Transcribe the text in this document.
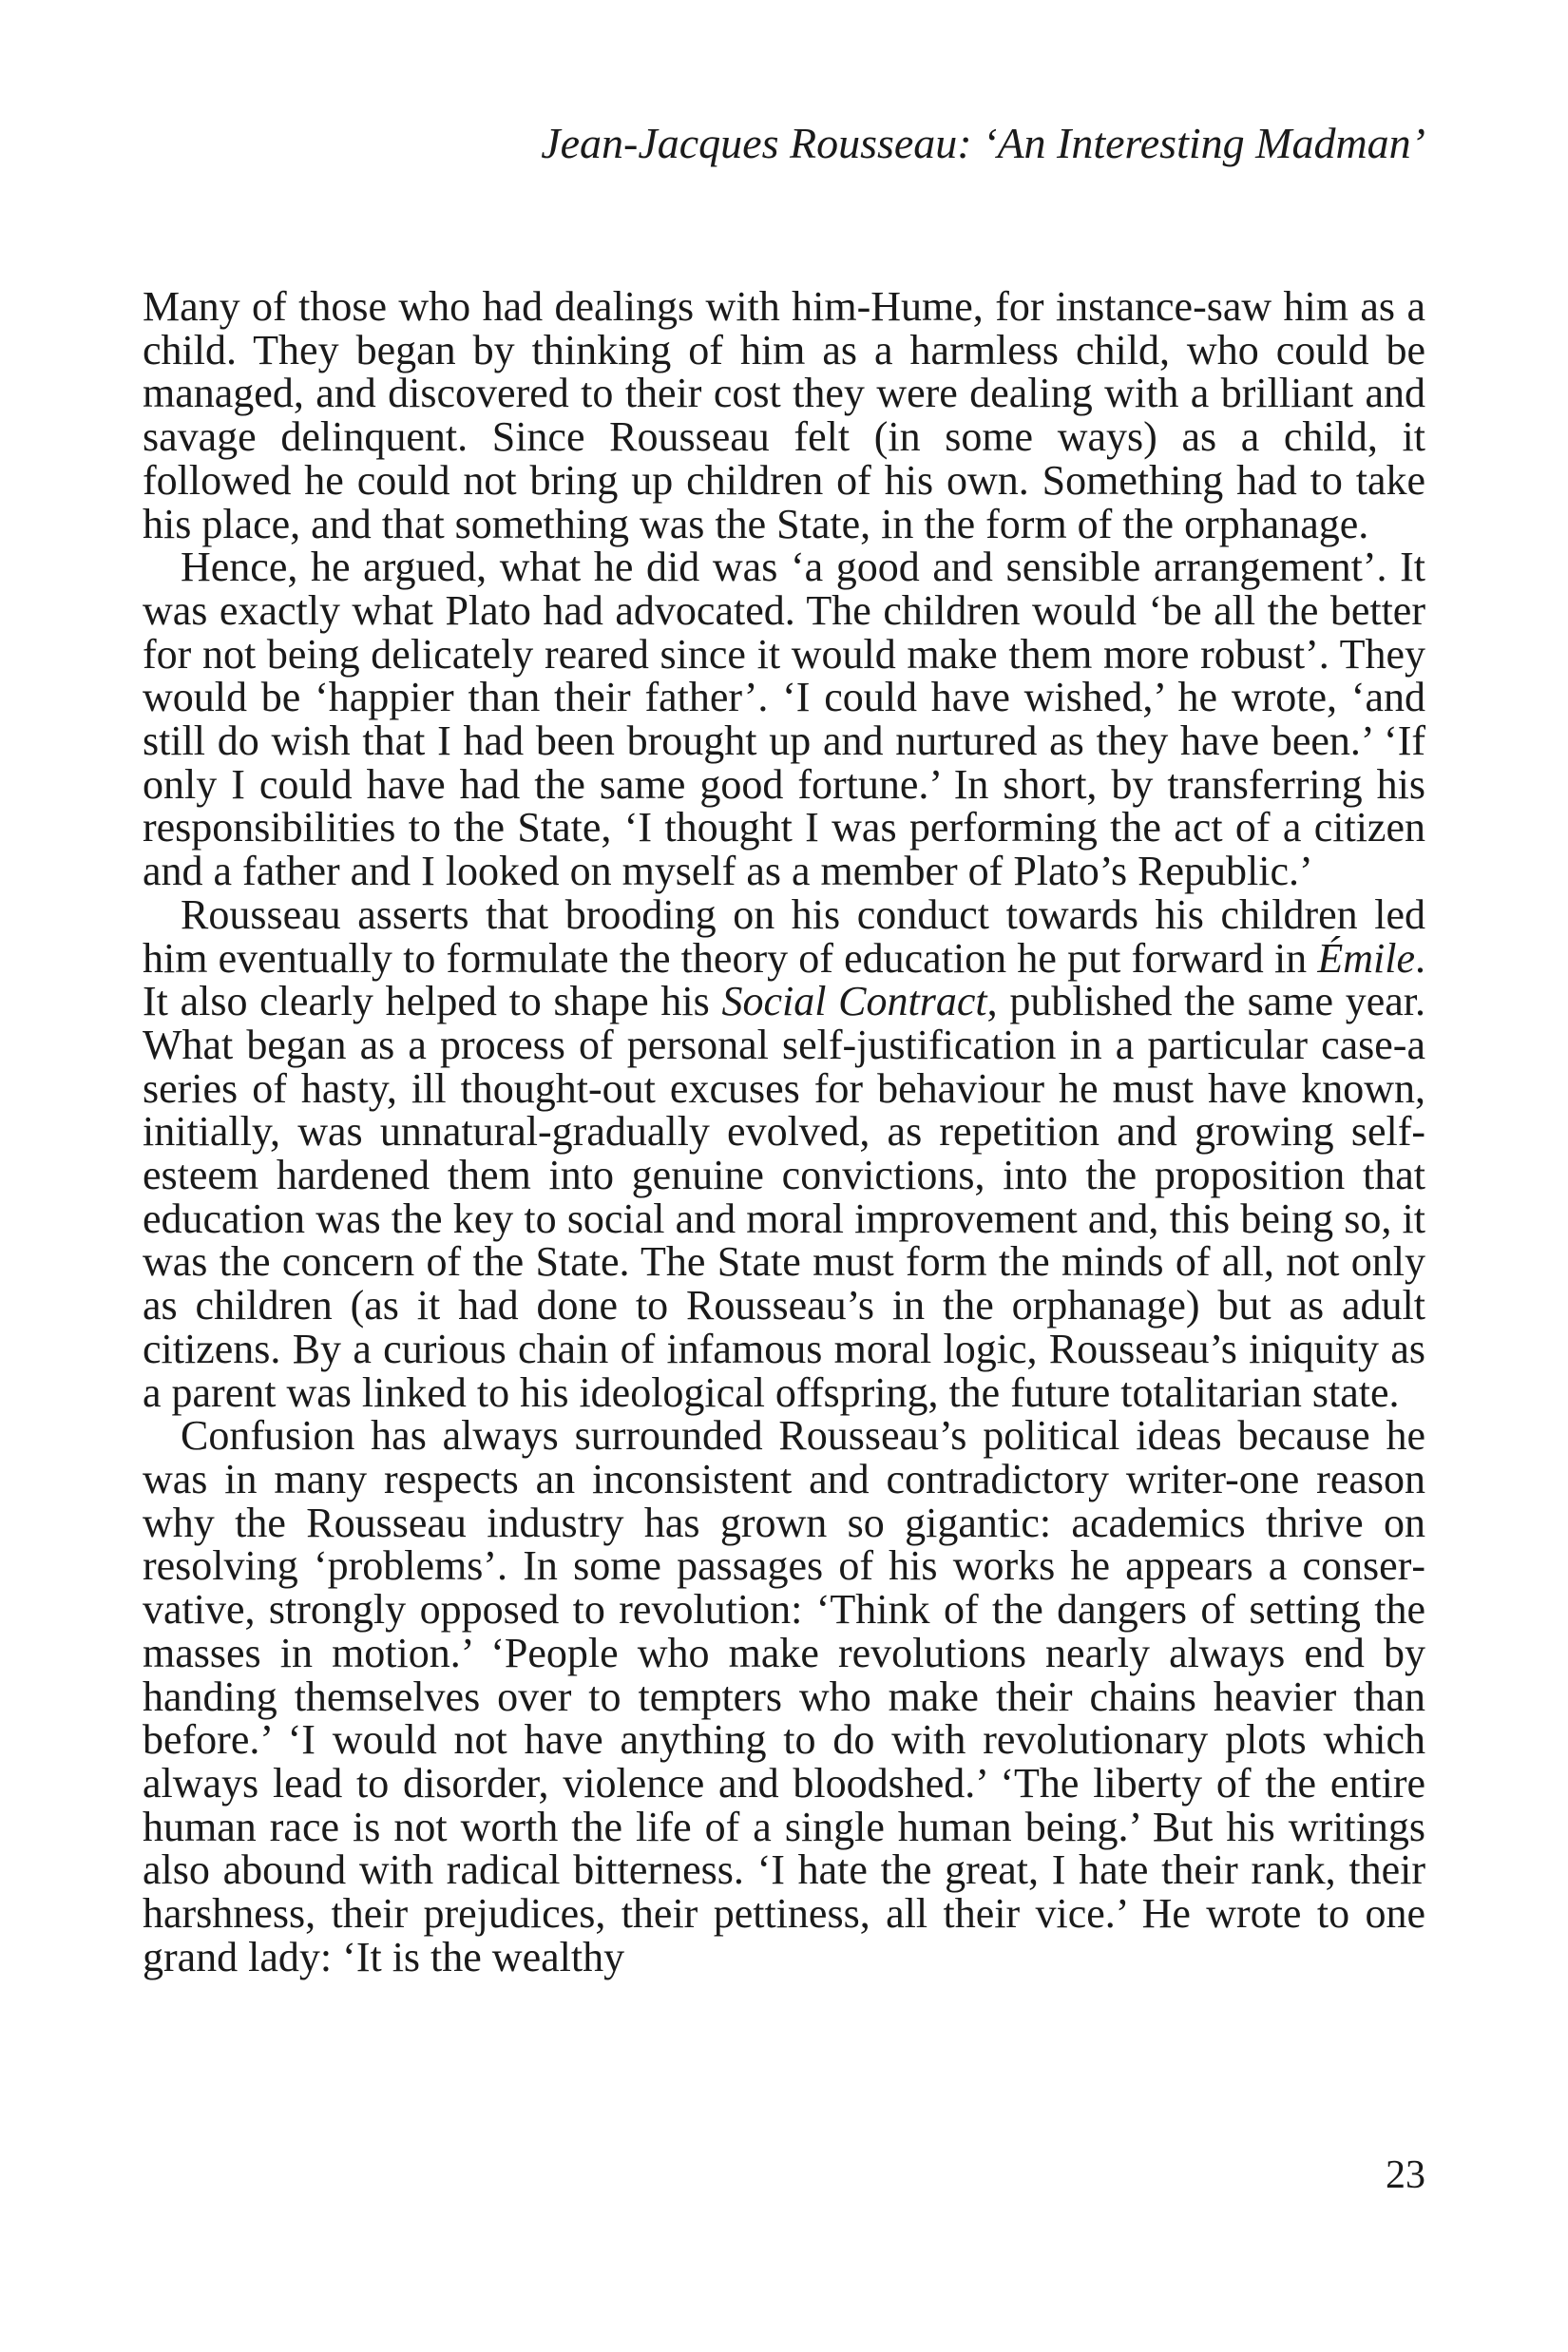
Jean-Jacques Rousseau: ‘An Interesting Madman’

Many of those who had dealings with him-Hume, for instance-saw him as a child. They began by thinking of him as a harmless child, who could be managed, and discovered to their cost they were dealing with a brilliant and savage delinquent. Since Rousseau felt (in some ways) as a child, it followed he could not bring up children of his own. Something had to take his place, and that something was the State, in the form of the orphanage.

Hence, he argued, what he did was ‘a good and sensible arrangement’. It was exactly what Plato had advocated. The children would ‘be all the better for not being delicately reared since it would make them more robust’. They would be ‘happier than their father’. ‘I could have wished,’ he wrote, ‘and still do wish that I had been brought up and nurtured as they have been.’ ‘If only I could have had the same good fortune.’ In short, by transferring his responsibilities to the State, ‘I thought I was performing the act of a citizen and a father and I looked on myself as a member of Plato’s Republic.’

Rousseau asserts that brooding on his conduct towards his children led him eventually to formulate the theory of education he put forward in Émile. It also clearly helped to shape his Social Contract, published the same year. What began as a process of personal self-justification in a particular case-a series of hasty, ill thought-out excuses for behaviour he must have known, initially, was unnatural-gradually evolved, as repetition and growing self-esteem hardened them into genuine convictions, into the proposition that education was the key to social and moral improvement and, this being so, it was the concern of the State. The State must form the minds of all, not only as children (as it had done to Rousseau’s in the orphanage) but as adult citizens. By a curious chain of infamous moral logic, Rousseau’s iniquity as a parent was linked to his ideological offspring, the future totalitarian state.

Confusion has always surrounded Rousseau’s political ideas because he was in many respects an inconsistent and contradictory writer-one reason why the Rousseau industry has grown so gigantic: academics thrive on resolving ‘problems’. In some passages of his works he appears a conservative, strongly opposed to revolution: ‘Think of the dangers of setting the masses in motion.’ ‘People who make revolutions nearly always end by handing themselves over to tempters who make their chains heavier than before.’ ‘I would not have anything to do with revolutionary plots which always lead to disorder, violence and bloodshed.’ ‘The liberty of the entire human race is not worth the life of a single human being.’ But his writings also abound with radical bitterness. ‘I hate the great, I hate their rank, their harshness, their prejudices, their pettiness, all their vice.’ He wrote to one grand lady: ‘It is the wealthy

23
